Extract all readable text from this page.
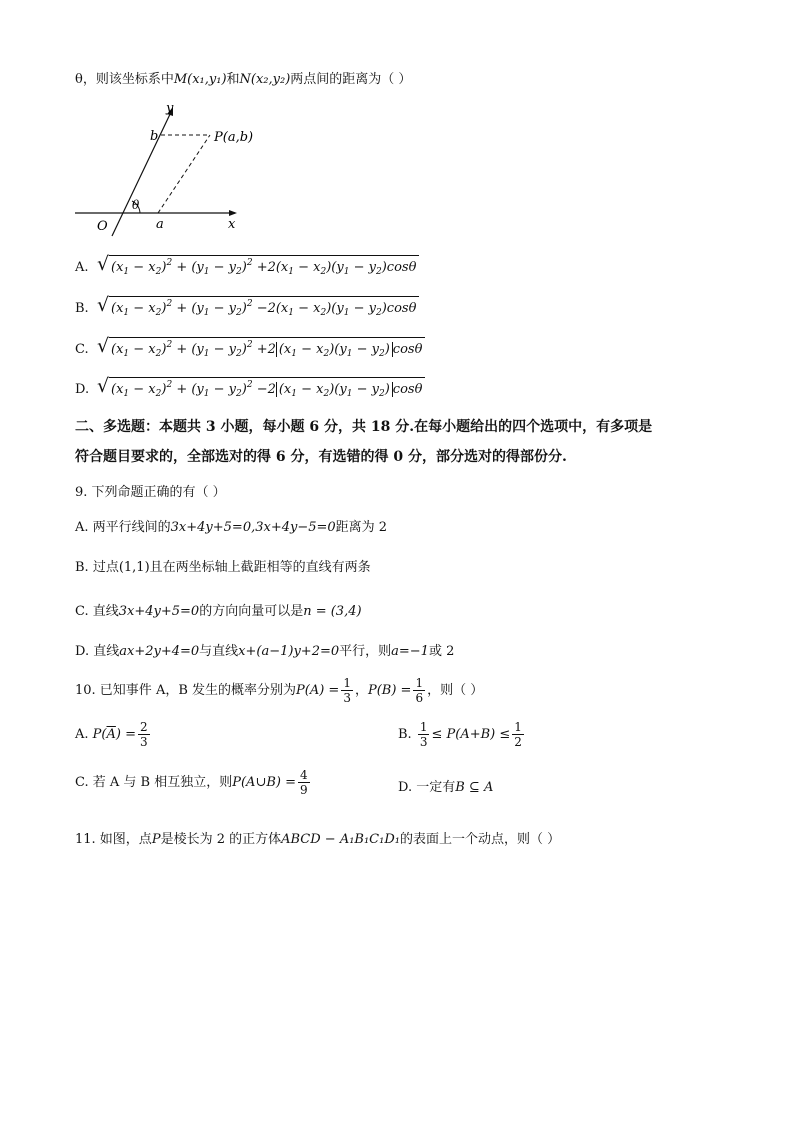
θ，则该坐标系中M(x₁,y₁)和N(x₂,y₂)两点间的距离为（ ）
y
x
O
b
a
θ
P(a,b)
A. √ $(x_1 - x_2)^2 + (y_1 - y_2)^2 +2(x_1 - x_2)(y_1 - y_2)\cos\theta$
B. √ $(x_1 - x_2)^2 + (y_1 - y_2)^2 -2(x_1 - x_2)(y_1 - y_2)\cos\theta$
C. √ $(x_1 - x_2)^2 + (y_1 - y_2)^2 +2$ $(x_1 - x_2)(y_1 - y_2)$ cosθ
D. √ $(x_1 - x_2)^2 + (y_1 - y_2)^2 -2$ $(x_1 - x_2)(y_1 - y_2)$ cosθ
二、多选题：本题共 3 小题，每小题 6 分，共 18 分.在每小题给出的四个选项中，有多项是
符合题目要求的，全部选对的得 6 分，有选错的得 0 分，部分选对的得部份分.
9. 下列命题正确的有（ ）
A. 两平行线间的3x+4y+5=0,3x+4y−5=0距离为 2
B. 过点(1,1)且在两坐标轴上截距相等的直线有两条
C. 直线3x+4y+5=0的方向向量可以是n = (3,4)
D. 直线ax+2y+4=0与直线x+(a−1)y+2=0平行，则a=−1或 2
10. 已知事件 A，B 发生的概率分别为$P(A) = \frac{1}{3}$ ，$P(B) = \frac{1}{6}$ ，则（ ）
A. $P(\overline{A}) = \frac{2}{3}$	B. $\frac{1}{3} \le P(A+B) \le \frac{1}{2}$
C. 若 A 与 B 相互独立，则P(A∪B) = $\frac{4}{9}$	D. 一定有B ⊆ A
11. 如图，点P是棱长为 2 的正方体ABCD − A₁B₁C₁D₁的表面上一个动点，则（ ）
